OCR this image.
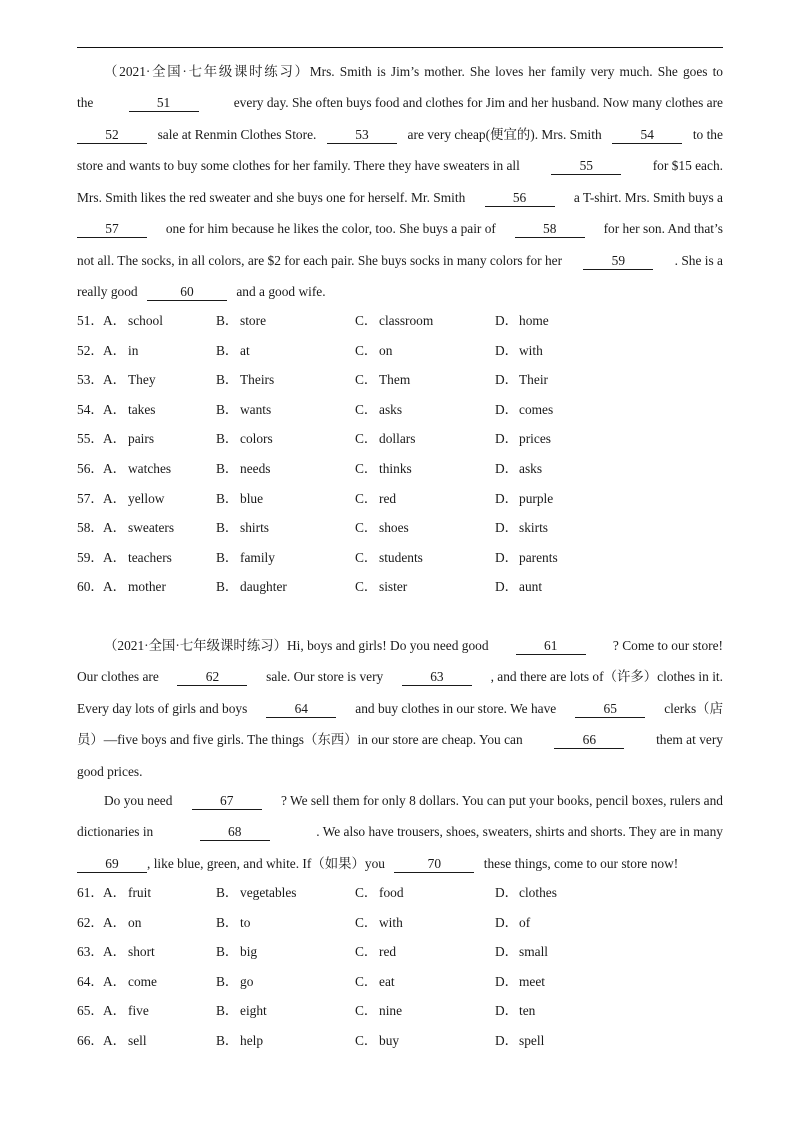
（2021·全国·七年级课时练习）Mrs. Smith is Jim’s mother. She loves her family very much. She goes to
the	51	every day. She often buys food and clothes for Jim and her husband. Now many clothes are
52	sale at Renmin Clothes Store.	53	are very cheap(便宜的). Mrs. Smith	54	to the
store and wants to buy some clothes for her family. There they have sweaters in all	55	for $15 each.
Mrs. Smith likes the red sweater and she buys one for herself. Mr. Smith	56	a T-shirt. Mrs. Smith buys a
57	one for him because he likes the color, too. She buys a pair of	58	for her son. And that’s
not all. The socks, in all colors, are $2 for each pair. She buys socks in many colors for her	59	. She is a
really good	60	and a good wife.
51． A． school	B． store	C． classroom	D． home
52． A． in	B． at	C． on	D． with
53． A． They	B． Theirs	C． Them	D． Their
54． A． takes	B． wants	C． asks	D． comes
55． A． pairs	B． colors	C． dollars	D． prices
56． A． watches	B． needs	C． thinks	D． asks
57． A． yellow	B． blue	C． red	D． purple
58． A． sweaters	B． shirts	C． shoes	D． skirts
59． A． teachers	B． family	C． students	D． parents
60． A． mother	B． daughter	C． sister	D． aunt
（2021·全国·七年级课时练习）Hi, boys and girls! Do you need good	61	? Come to our store!
Our clothes are	62	sale. Our store is very	63	, and there are lots of（许多）clothes in it.
Every day lots of girls and boys	64	and buy clothes in our store. We have	65	clerks（店
员）—five boys and five girls. The things（东西）in our store are cheap. You can	66	them at very
good prices.
Do you need	67	? We sell them for only 8 dollars. You can put your books, pencil boxes, rulers and
dictionaries in	68	. We also have trousers, shoes, sweaters, shirts and shorts. They are in many
69 , like blue, green, and white. If（如果）you	70	these things, come to our store now!
61． A． fruit	B． vegetables	C． food	D． clothes
62． A． on	B． to	C． with	D． of
63． A． short	B． big	C． red	D． small
64． A． come	B． go	C． eat	D． meet
65． A． five	B． eight	C． nine	D． ten
66． A． sell	B． help	C． buy	D． spell
